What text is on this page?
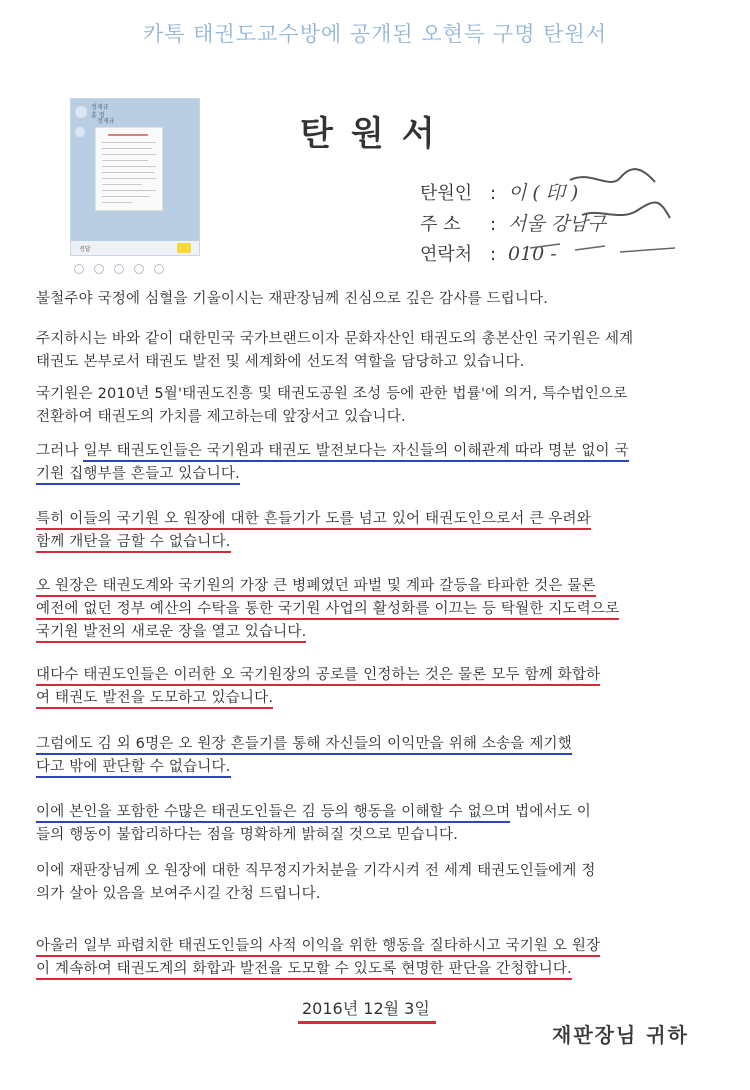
카톡 태권도교수방에 공개된 오현득 구명 탄원서
정재규
홈 정
정재규
전달
탄원서
탄원인 : 이 ( 印 )
주 소 : 서울 강남구
연락처 : 010 -
불철주야 국정에 심혈을 기울이시는 재판장님께 진심으로 깊은 감사를 드립니다.
주지하시는 바와 같이 대한민국 국가브랜드이자 문화자산인 태권도의 총본산인 국기원은 세계
태권도 본부로서 태권도 발전 및 세계화에 선도적 역할을 담당하고 있습니다.
국기원은 2010년 5월'태권도진흥 및 태권도공원 조성 등에 관한 법률'에 의거, 특수법인으로
전환하여 태권도의 가치를 제고하는데 앞장서고 있습니다.
그러나 일부 태권도인들은 국기원과 태권도 발전보다는 자신들의 이해관계 따라 명분 없이 국
기원 집행부를 흔들고 있습니다.
특히 이들의 국기원 오 원장에 대한 흔들기가 도를 넘고 있어 태권도인으로서 큰 우려와
함께 개탄을 금할 수 없습니다.
오 원장은 태권도계와 국기원의 가장 큰 병폐였던 파벌 및 계파 갈등을 타파한 것은 물론
예전에 없던 정부 예산의 수탁을 통한 국기원 사업의 활성화를 이끄는 등 탁월한 지도력으로
국기원 발전의 새로운 장을 열고 있습니다.
대다수 태권도인들은 이러한 오 국기원장의 공로를 인정하는 것은 물론 모두 함께 화합하
여 태권도 발전을 도모하고 있습니다.
그럼에도 김 외 6명은 오 원장 흔들기를 통해 자신들의 이익만을 위해 소송을 제기했
다고 밖에 판단할 수 없습니다.
이에 본인을 포함한 수많은 태권도인들은 김 등의 행동을 이해할 수 없으며 법에서도 이
들의 행동이 불합리하다는 점을 명확하게 밝혀질 것으로 믿습니다.
이에 재판장님께 오 원장에 대한 직무정지가처분을 기각시켜 전 세계 태권도인들에게 정
의가 살아 있음을 보여주시길 간청 드립니다.
아울러 일부 파렴치한 태권도인들의 사적 이익을 위한 행동을 질타하시고 국기원 오 원장
이 계속하여 태권도계의 화합과 발전을 도모할 수 있도록 현명한 판단을 간청합니다.
2016년 12월 3일
재판장님 귀하
